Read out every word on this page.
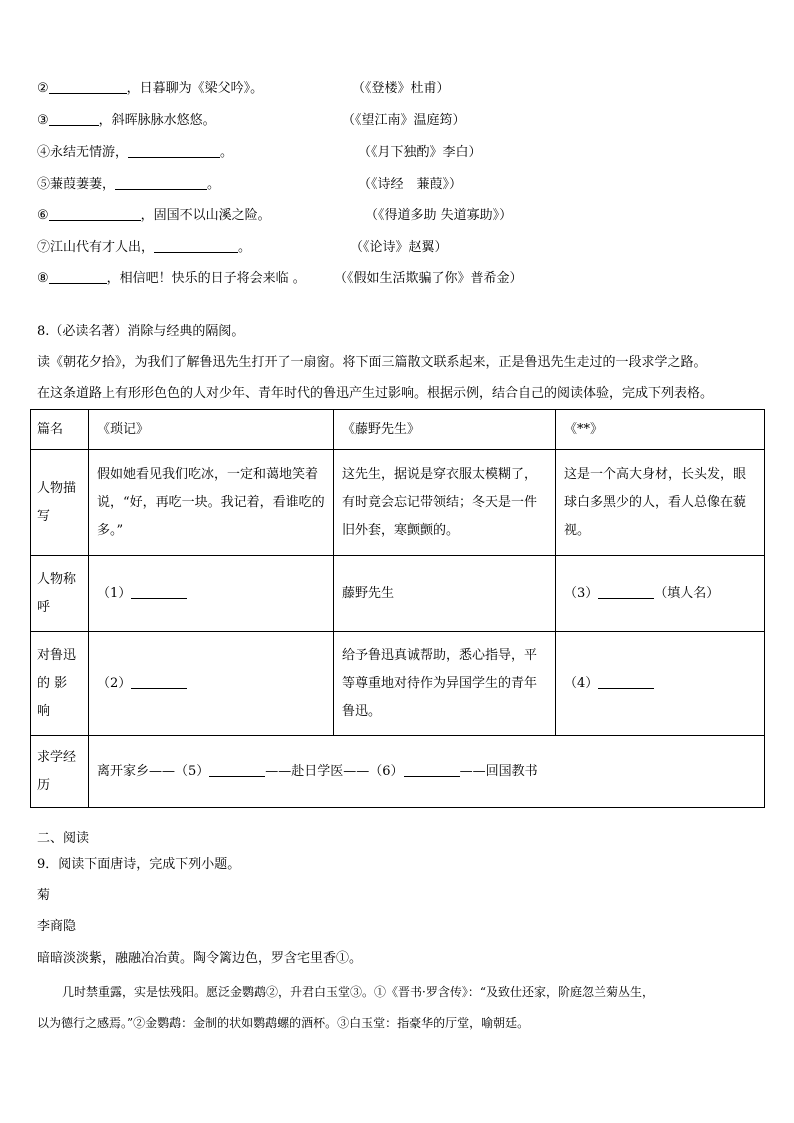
②	，日暮聊为《梁父吟》。	（《登楼》杜甫）
③	，斜晖脉脉水悠悠。	（《望江南》温庭筠）
④永结无情游，	。	（《月下独酌》李白）
⑤蒹葭萋萋，	。	（《诗经　蒹葭》）
⑥	，固国不以山溪之险。	（《得道多助 失道寡助》）
⑦江山代有才人出，	。	（《论诗》赵翼）
⑧	，相信吧！快乐的日子将会来临 。 （《假如生活欺骗了你》普希金）
8.（必读名著）消除与经典的隔阂。
读《朝花夕拾》，为我们了解鲁迅先生打开了一扇窗。将下面三篇散文联系起来，正是鲁迅先生走过的一段求学之路。
在这条道路上有形形色色的人对少年、青年时代的鲁迅产生过影响。根据示例，结合自己的阅读体验，完成下列表格。
篇名	《琐记》	《藤野先生》	《**》
人物描写	假如她看见我们吃冰，一定和蔼地笑着说，“好，再吃一块。我记着，看谁吃的多。”	这先生，据说是穿衣服太模糊了，有时竟会忘记带领结；冬天是一件旧外套，寒颤颤的。	这是一个高大身材，长头发，眼球白多黑少的人，看人总像在藐视。
人物称呼	（1）	藤野先生	（3） （填人名）
对鲁迅的 影响	（2）	给予鲁迅真诚帮助，悉心指导，平等尊重地对待作为异国学生的青年鲁迅。	（4）
求学经历	离开家乡——（5） ——赴日学医——（6） ——回国教书		
二、阅读
9．阅读下面唐诗，完成下列小题。
菊
李商隐
暗暗淡淡紫，融融冶冶黄。陶令篱边色，罗含宅里香①。
几时禁重露，实是怯残阳。愿泛金鹦鹉②，升君白玉堂③。①《晋书·罗含传》：“及致仕还家，阶庭忽兰菊丛生，
以为德行之感焉。”②金鹦鹉：金制的状如鹦鹉螺的酒杯。③白玉堂：指豪华的厅堂，喻朝廷。
